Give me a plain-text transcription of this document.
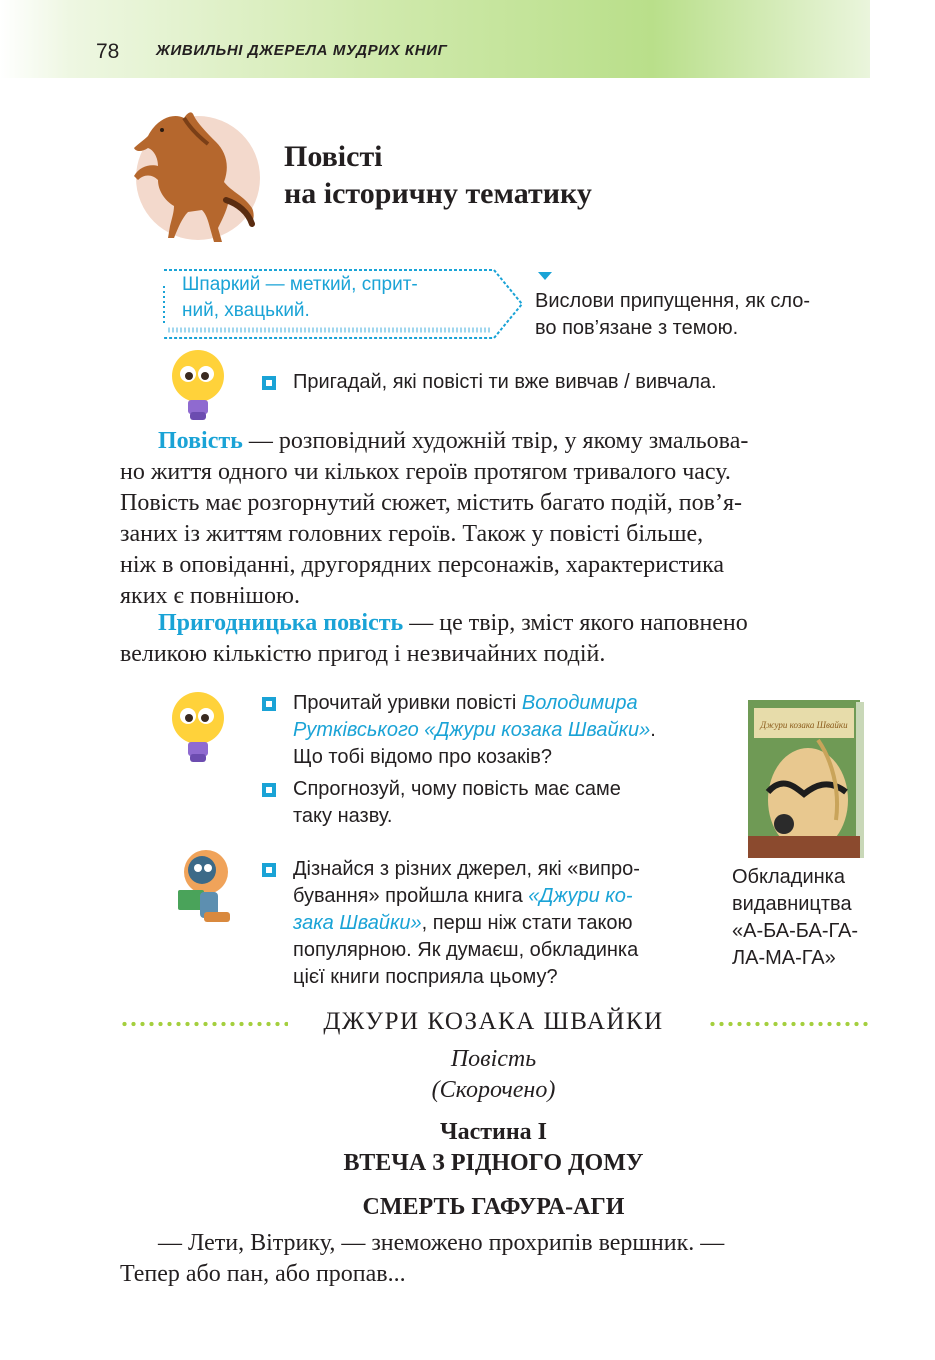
78 ЖИВИЛЬНІ ДЖЕРЕЛА МУДРИХ КНИГ
Повісті
на історичну тематику
Шпаркий — меткий, сприт-
ний, хвацький.	Вислови припущення, як сло-
во пов’язане з темою.
Пригадай, які повісті ти вже вивчав / вивчала.
Повість — розповідний художній твір, у якому змальова-
но життя одного чи кількох героїв протягом тривалого часу.
Повість має розгорнутий сюжет, містить багато подій, пов’я-
заних із життям головних героїв. Також у повісті більше,
ніж в оповіданні, другорядних персонажів, характеристика
яких є повнішою.
Пригодницька повість — це твір, зміст якого наповнено
великою кількістю пригод і незвичайних подій.
Прочитай уривки повісті Володимира
Рутківського «Джури козака Швайки».
Що тобі відомо про козаків?
Спрогнозуй, чому повість має саме
таку назву.
Дізнайся з різних джерел, які «випро-
бування» пройшла книга «Джури ко-
зака Швайки», перш ніж стати такою
популярною. Як думаєш, обкладинка
цієї книги посприяла цьому?
Джури козака Швайки
Обкладинка
видавництва
«А-БА-БА-ГА-
ЛА-МА-ГА»
ДЖУРИ КОЗАКА ШВАЙКИ
Повість
(Скорочено)
Частина І
ВТЕЧА З РІДНОГО ДОМУ
СМЕРТЬ ГАФУРА-АГИ
— Лети, Вітрику, — знеможено прохрипів вершник. —
Тепер або пан, або пропав...
